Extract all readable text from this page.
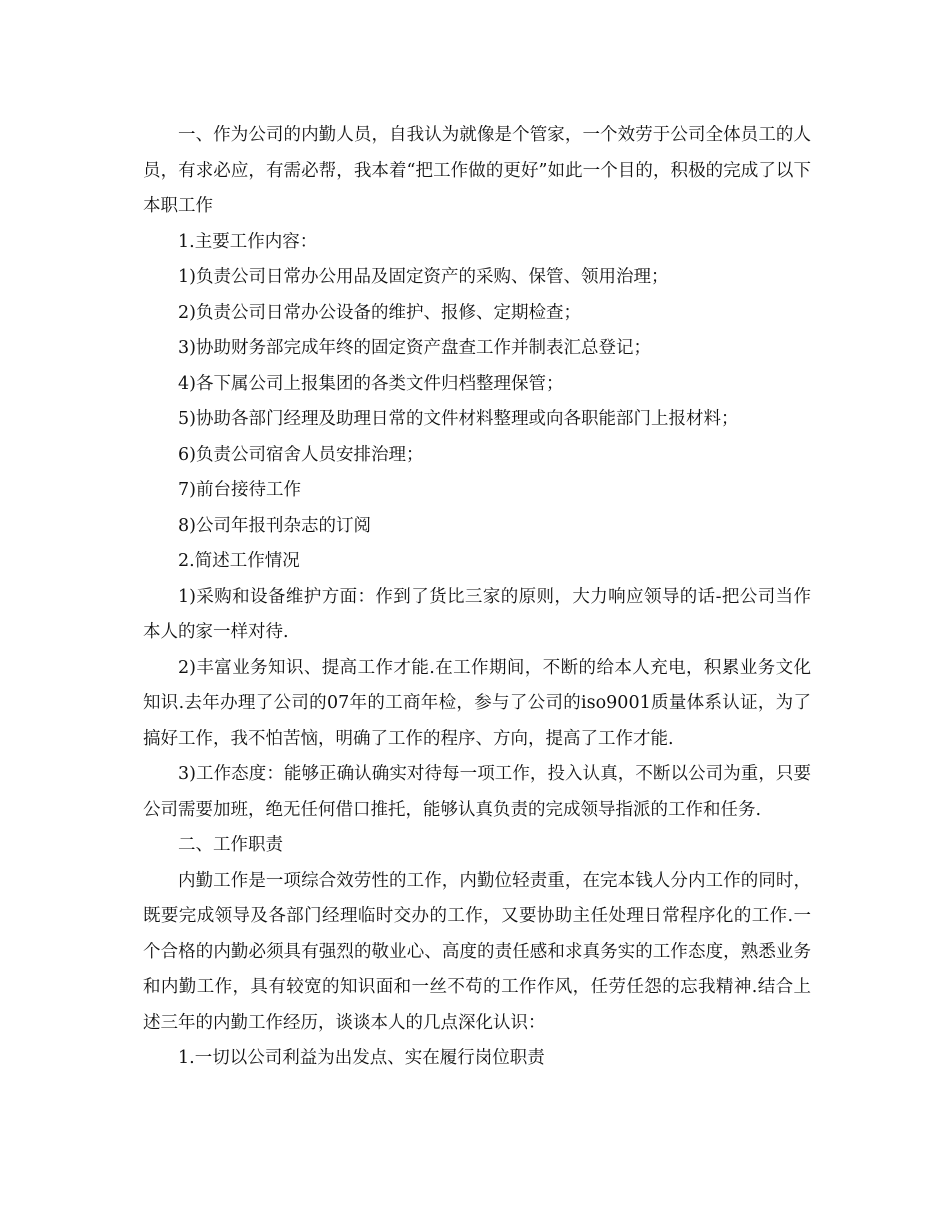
一、作为公司的内勤人员，自我认为就像是个管家，一个效劳于公司全体员工的人员，有求必应，有需必帮，我本着“把工作做的更好”如此一个目的，积极的完成了以下本职工作

1.主要工作内容：

1)负责公司日常办公用品及固定资产的采购、保管、领用治理；

2)负责公司日常办公设备的维护、报修、定期检查；

3)协助财务部完成年终的固定资产盘查工作并制表汇总登记；

4)各下属公司上报集团的各类文件归档整理保管；

5)协助各部门经理及助理日常的文件材料整理或向各职能部门上报材料；

6)负责公司宿舍人员安排治理；

7)前台接待工作

8)公司年报刊杂志的订阅

2.简述工作情况

1)采购和设备维护方面：作到了货比三家的原则，大力响应领导的话-把公司当作本人的家一样对待.

2)丰富业务知识、提高工作才能.在工作期间，不断的给本人充电，积累业务文化知识.去年办理了公司的07年的工商年检，参与了公司的iso9001质量体系认证，为了搞好工作，我不怕苦恼，明确了工作的程序、方向，提高了工作才能.

3)工作态度：能够正确认确实对待每一项工作，投入认真，不断以公司为重，只要公司需要加班，绝无任何借口推托，能够认真负责的完成领导指派的工作和任务.

二、工作职责

内勤工作是一项综合效劳性的工作，内勤位轻责重，在完本钱人分内工作的同时，既要完成领导及各部门经理临时交办的工作，又要协助主任处理日常程序化的工作.一个合格的内勤必须具有强烈的敬业心、高度的责任感和求真务实的工作态度，熟悉业务和内勤工作，具有较宽的知识面和一丝不苟的工作作风，任劳任怨的忘我精神.结合上述三年的内勤工作经历，谈谈本人的几点深化认识：

1.一切以公司利益为出发点、实在履行岗位职责
